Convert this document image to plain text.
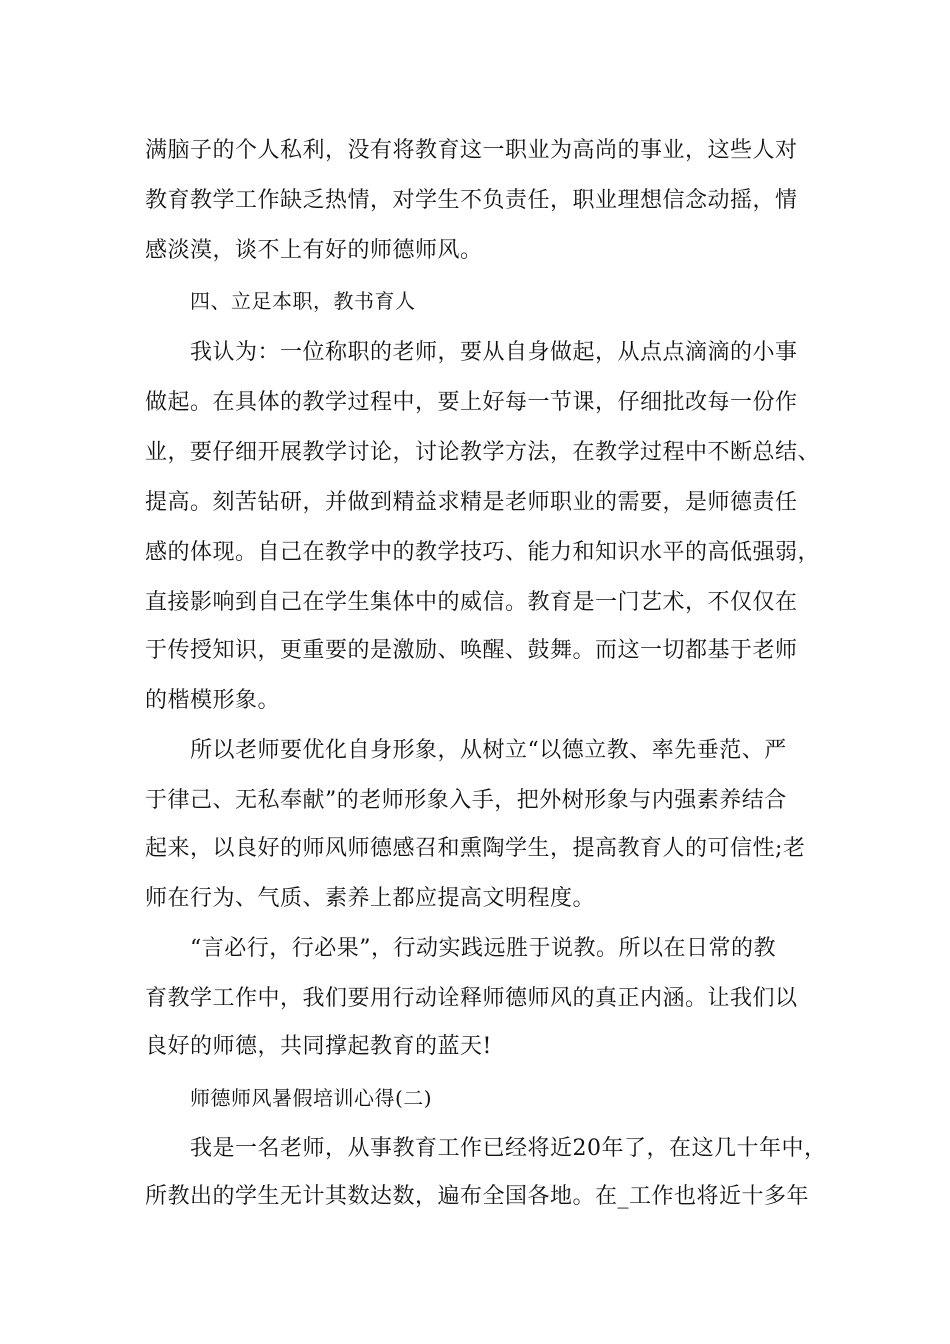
满脑子的个人私利，没有将教育这一职业为高尚的事业，这些人对

教育教学工作缺乏热情，对学生不负责任，职业理想信念动摇，情

感淡漠，谈不上有好的师德师风。

四、立足本职，教书育人

我认为：一位称职的老师，要从自身做起，从点点滴滴的小事

做起。在具体的教学过程中，要上好每一节课，仔细批改每一份作

业，要仔细开展教学讨论，讨论教学方法，在教学过程中不断总结、

提高。刻苦钻研，并做到精益求精是老师职业的需要，是师德责任

感的体现。自己在教学中的教学技巧、能力和知识水平的高低强弱，

直接影响到自己在学生集体中的威信。教育是一门艺术，不仅仅在

于传授知识，更重要的是激励、唤醒、鼓舞。而这一切都基于老师

的楷模形象。

所以老师要优化自身形象，从树立“以德立教、率先垂范、严

于律己、无私奉献”的老师形象入手，把外树形象与内强素养结合

起来，以良好的师风师德感召和熏陶学生，提高教育人的可信性;老

师在行为、气质、素养上都应提高文明程度。

“言必行，行必果”，行动实践远胜于说教。所以在日常的教

育教学工作中，我们要用行动诠释师德师风的真正内涵。让我们以

良好的师德，共同撑起教育的蓝天!

师德师风暑假培训心得(二)

我是一名老师，从事教育工作已经将近20年了，在这几十年中，

所教出的学生无计其数达数，遍布全国各地。在_工作也将近十多年
